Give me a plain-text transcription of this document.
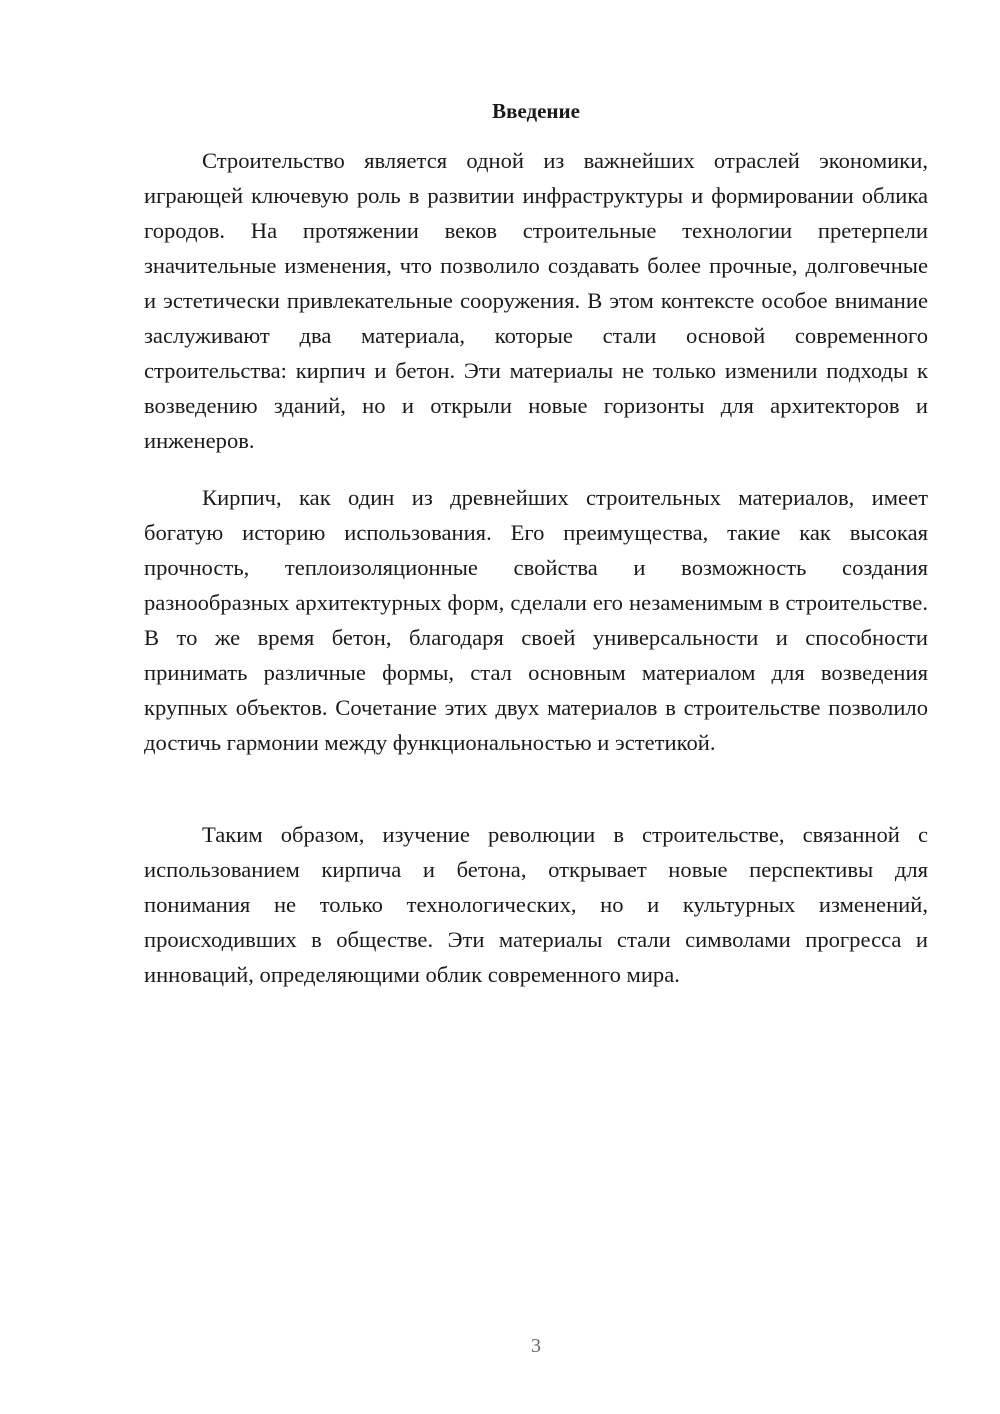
Введение

Строительство является одной из важнейших отраслей экономики, играющей ключевую роль в развитии инфраструктуры и формировании облика городов. На протяжении веков строительные технологии претерпели значительные изменения, что позволило создавать более прочные, долговечные и эстетически привлекательные сооружения. В этом контексте особое внимание заслуживают два материала, которые стали основой современного строительства: кирпич и бетон. Эти материалы не только изменили подходы к возведению зданий, но и открыли новые горизонты для архитекторов и инженеров.

Кирпич, как один из древнейших строительных материалов, имеет богатую историю использования. Его преимущества, такие как высокая прочность, теплоизоляционные свойства и возможность создания разнообразных архитектурных форм, сделали его незаменимым в строительстве. В то же время бетон, благодаря своей универсальности и способности принимать различные формы, стал основным материалом для возведения крупных объектов. Сочетание этих двух материалов в строительстве позволило достичь гармонии между функциональностью и эстетикой.

Таким образом, изучение революции в строительстве, связанной с использованием кирпича и бетона, открывает новые перспективы для понимания не только технологических, но и культурных изменений, происходивших в обществе. Эти материалы стали символами прогресса и инноваций, определяющими облик современного мира.

3
